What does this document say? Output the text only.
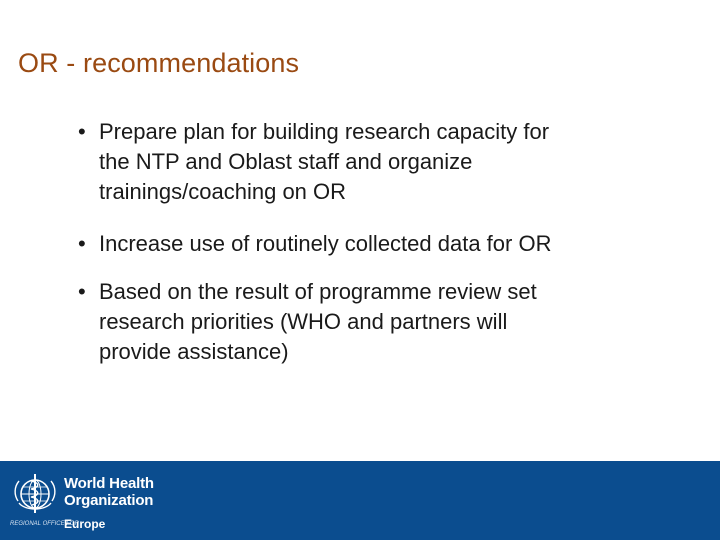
OR - recommendations
• Prepare plan for building research capacity for
the NTP and Oblast staff and organize
trainings/coaching on OR
• Increase use of routinely collected data for OR
• Based on the result of programme review set
research priorities (WHO and partners will
provide assistance)
World Health
Organization
REGIONAL OFFICE FOR
Europe
